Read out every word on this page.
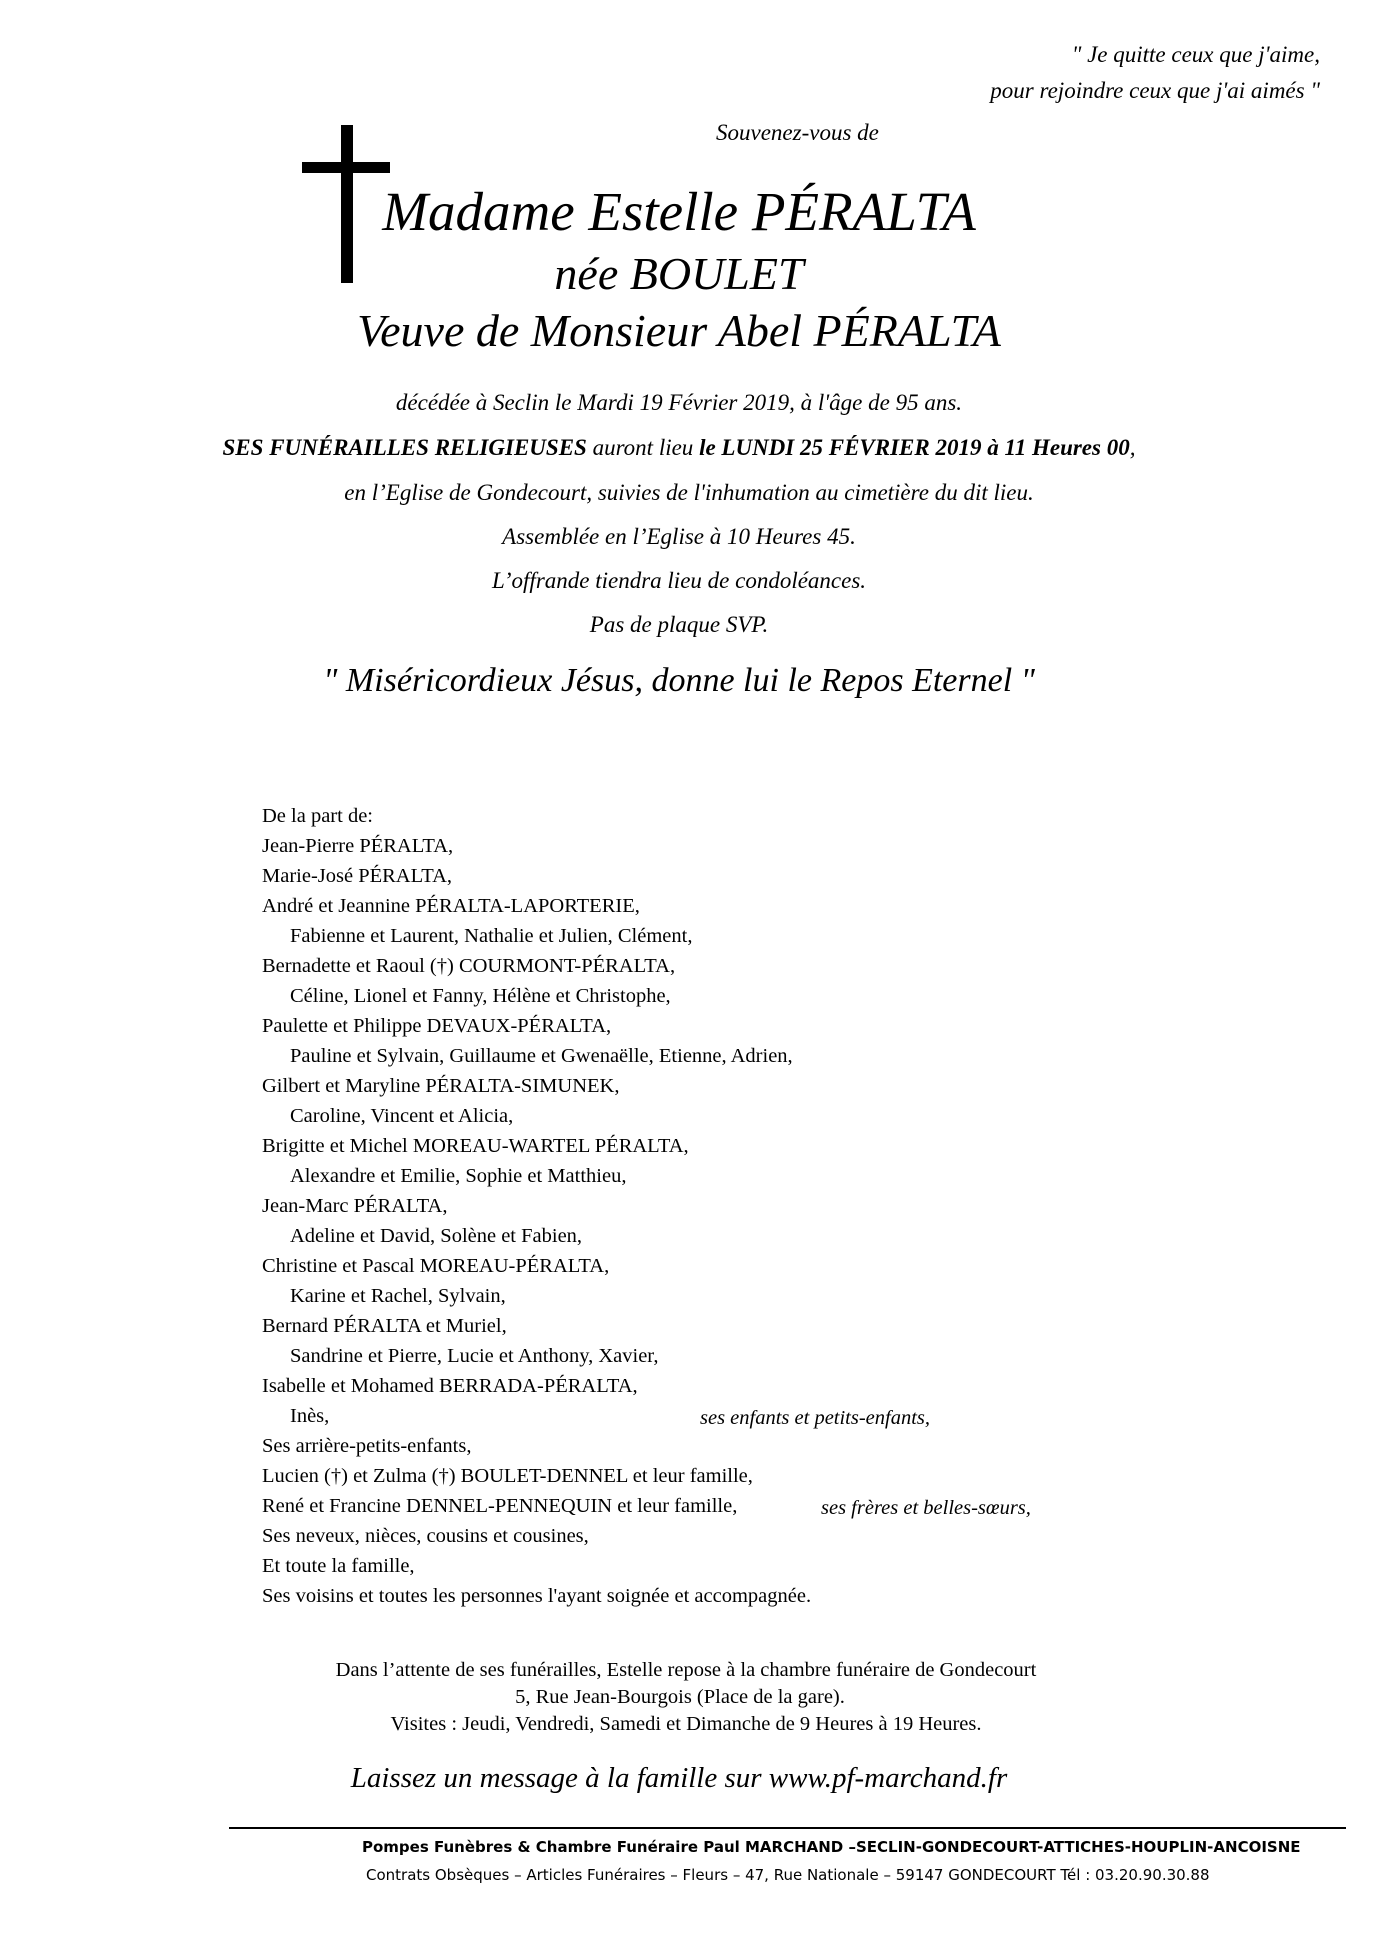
" Je quitte ceux que j'aime,
pour rejoindre ceux que j'ai aimés "
Souvenez-vous de
Madame Estelle PÉRALTA
née BOULET
Veuve de Monsieur Abel PÉRALTA
décédée à Seclin le Mardi 19 Février 2019, à l'âge de 95 ans.
SES FUNÉRAILLES RELIGIEUSES auront lieu le LUNDI 25 FÉVRIER 2019 à 11 Heures 00,
en l’Eglise de Gondecourt, suivies de l'inhumation au cimetière du dit lieu.
Assemblée en l’Eglise à 10 Heures 45.
L’offrande tiendra lieu de condoléances.
Pas de plaque SVP.
" Miséricordieux Jésus, donne lui le Repos Eternel "
De la part de:
Jean-Pierre PÉRALTA,
Marie-José PÉRALTA,
André et Jeannine PÉRALTA-LAPORTERIE,
Fabienne et Laurent, Nathalie et Julien, Clément,
Bernadette et Raoul (†) COURMONT-PÉRALTA,
Céline, Lionel et Fanny, Hélène et Christophe,
Paulette et Philippe DEVAUX-PÉRALTA,
Pauline et Sylvain, Guillaume et Gwenaëlle, Etienne, Adrien,
Gilbert et Maryline PÉRALTA-SIMUNEK,
Caroline, Vincent et Alicia,
Brigitte et Michel MOREAU-WARTEL PÉRALTA,
Alexandre et Emilie, Sophie et Matthieu,
Jean-Marc PÉRALTA,
Adeline et David, Solène et Fabien,
Christine et Pascal MOREAU-PÉRALTA,
Karine et Rachel, Sylvain,
Bernard PÉRALTA et Muriel,
Sandrine et Pierre, Lucie et Anthony, Xavier,
Isabelle et Mohamed BERRADA-PÉRALTA,
Inès,	ses enfants et petits-enfants,
Ses arrière-petits-enfants,
Lucien (†) et Zulma (†) BOULET-DENNEL et leur famille,
René et Francine DENNEL-PENNEQUIN et leur famille,	ses frères et belles-sœurs,
Ses neveux, nièces, cousins et cousines,
Et toute la famille,
Ses voisins et toutes les personnes l'ayant soignée et accompagnée.
Dans l’attente de ses funérailles, Estelle repose à la chambre funéraire de Gondecourt
5, Rue Jean-Bourgois (Place de la gare).
Visites : Jeudi, Vendredi, Samedi et Dimanche de 9 Heures à 19 Heures.
Laissez un message à la famille sur www.pf-marchand.fr
Pompes Funèbres & Chambre Funéraire Paul MARCHAND –SECLIN-GONDECOURT-ATTICHES-HOUPLIN-ANCOISNE
Contrats Obsèques – Articles Funéraires – Fleurs – 47, Rue Nationale – 59147 GONDECOURT Tél : 03.20.90.30.88
